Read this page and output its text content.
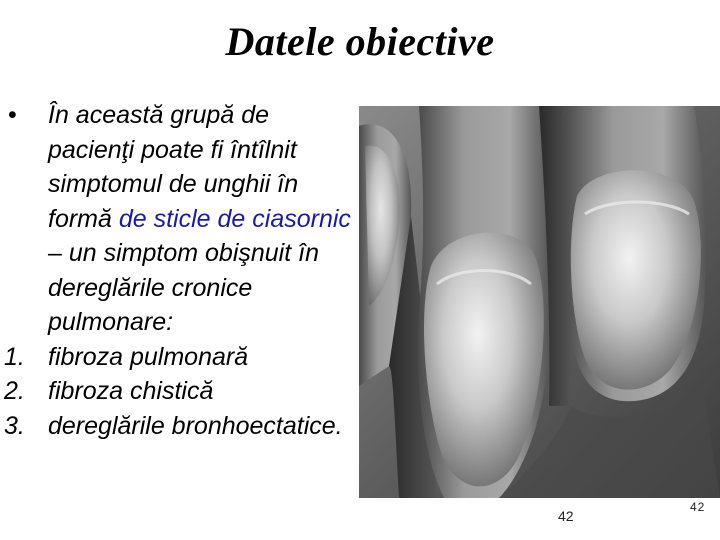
Datele obiective
•	În această grupă de pacienţi poate fi întîlnit simptomul de unghii în formă de sticle de ciasornic – un simptom obişnuit în dereglările cronice pulmonare:
1. fibroza pulmonară
2. fibroza chistică
3. dereglările bronhoectatice.
42
42
